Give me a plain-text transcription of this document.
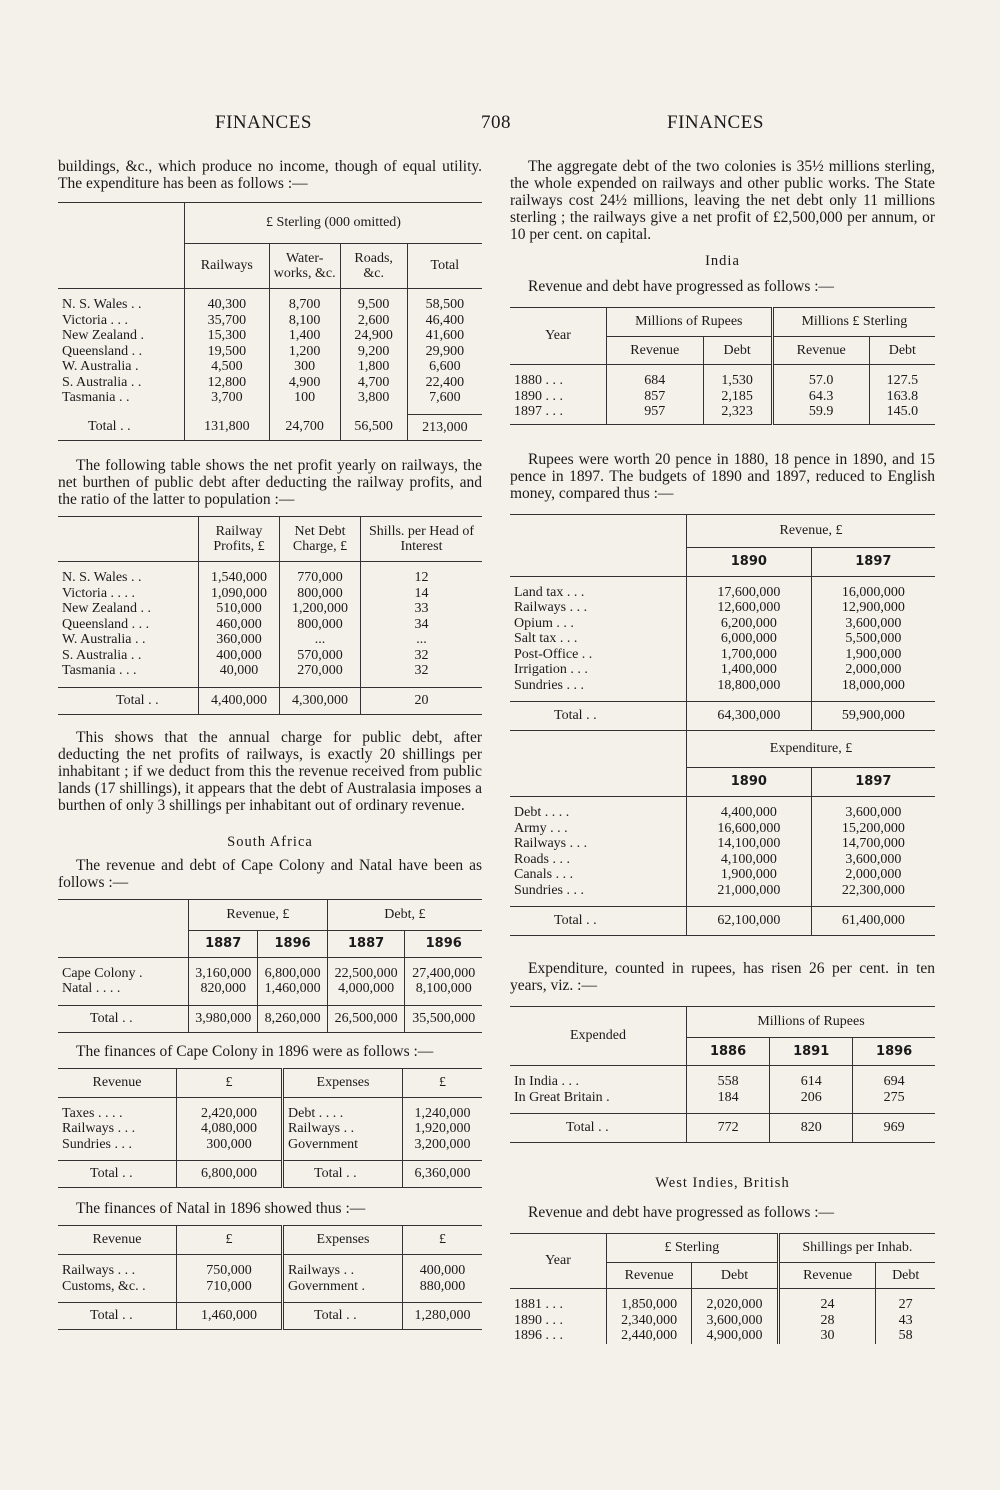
FINANCES	708	FINANCES

buildings, &c., which produce no income, though of equal utility. The expenditure has been as follows :—

	£ Sterling (000 omitted)			
	Railways	Water-works, &c.	Roads, &c.	Total

N. S. Wales . .	40,300	8,700	9,500	58,500
Victoria . . .	35,700	8,100	2,600	46,400
New Zealand .	15,300	1,400	24,900	41,600
Queensland . .	19,500	1,200	9,200	29,900
W. Australia .	4,500	300	1,800	6,600
S. Australia . .	12,800	4,900	4,700	22,400
Tasmania . .	3,700	100	3,800	7,600

Total . .	131,800	24,700	56,500	213,000

The following table shows the net profit yearly on railways, the net burthen of public debt after deducting the railway profits, and the ratio of the latter to population :—

	Railway Profits, £	Net Debt Charge, £	Shills. per Head of Interest

N. S. Wales . .	1,540,000	770,000	12
Victoria . . . .	1,090,000	800,000	14
New Zealand . .	510,000	1,200,000	33
Queensland . . .	460,000	800,000	34
W. Australia . .	360,000	...	...
S. Australia . .	400,000	570,000	32
Tasmania . . .	40,000	270,000	32

Total . .	4,400,000	4,300,000	20

This shows that the annual charge for public debt, after deducting the net profits of railways, is exactly 20 shillings per inhabitant ; if we deduct from this the revenue received from public lands (17 shillings), it appears that the debt of Australasia imposes a burthen of only 3 shillings per inhabitant out of ordinary revenue.

South Africa

The revenue and debt of Cape Colony and Natal have been as follows :—

	Revenue, £		Debt, £	
	1887	1896	1887	1896

Cape Colony .	3,160,000	6,800,000	22,500,000	27,400,000
Natal . . . .	820,000	1,460,000	4,000,000	8,100,000

Total . .	3,980,000	8,260,000	26,500,000	35,500,000

The finances of Cape Colony in 1896 were as follows :—

Revenue	£	Expenses	£

Taxes . . . .	2,420,000	Debt . . . .	1,240,000
Railways . . .	4,080,000	Railways . .	1,920,000
Sundries . . .	300,000	Government	3,200,000

Total . .	6,800,000	Total . .	6,360,000

The finances of Natal in 1896 showed thus :—

Revenue	£	Expenses	£

Railways . . .	750,000	Railways . .	400,000
Customs, &c. .	710,000	Government .	880,000

Total . .	1,460,000	Total . .	1,280,000

The aggregate debt of the two colonies is 35½ millions sterling, the whole expended on railways and other public works. The State railways cost 24½ millions, leaving the net debt only 11 millions sterling ; the railways give a net profit of £2,500,000 per annum, or 10 per cent. on capital.

India

Revenue and debt have progressed as follows :—

Year	Millions of Rupees		Millions £ Sterling	
	Revenue	Debt	Revenue	Debt

1880 . . .	684	1,530	57.0	127.5
1890 . . .	857	2,185	64.3	163.8
1897 . . .	957	2,323	59.9	145.0

Rupees were worth 20 pence in 1880, 18 pence in 1890, and 15 pence in 1897. The budgets of 1890 and 1897, reduced to English money, compared thus :—

	Revenue, £	
	1890	1897

Land tax . . .	17,600,000	16,000,000
Railways . . .	12,600,000	12,900,000
Opium . . .	6,200,000	3,600,000
Salt tax . . .	6,000,000	5,500,000
Post-Office . .	1,700,000	1,900,000
Irrigation . . .	1,400,000	2,000,000
Sundries . . .	18,800,000	18,000,000

Total . .	64,300,000	59,900,000
	Expenditure, £	
	1890	1897

Debt . . . .	4,400,000	3,600,000
Army . . .	16,600,000	15,200,000
Railways . . .	14,100,000	14,700,000
Roads . . .	4,100,000	3,600,000
Canals . . .	1,900,000	2,000,000
Sundries . . .	21,000,000	22,300,000

Total . .	62,100,000	61,400,000

Expenditure, counted in rupees, has risen 26 per cent. in ten years, viz. :—

Expended	Millions of Rupees		
	1886	1891	1896

In India . . .	558	614	694
In Great Britain .	184	206	275

Total . .	772	820	969

West Indies, British

Revenue and debt have progressed as follows :—

Year	£ Sterling		Shillings per Inhab.	
	Revenue	Debt	Revenue	Debt

1881 . . .	1,850,000	2,020,000	24	27
1890 . . .	2,340,000	3,600,000	28	43
1896 . . .	2,440,000	4,900,000	30	58
